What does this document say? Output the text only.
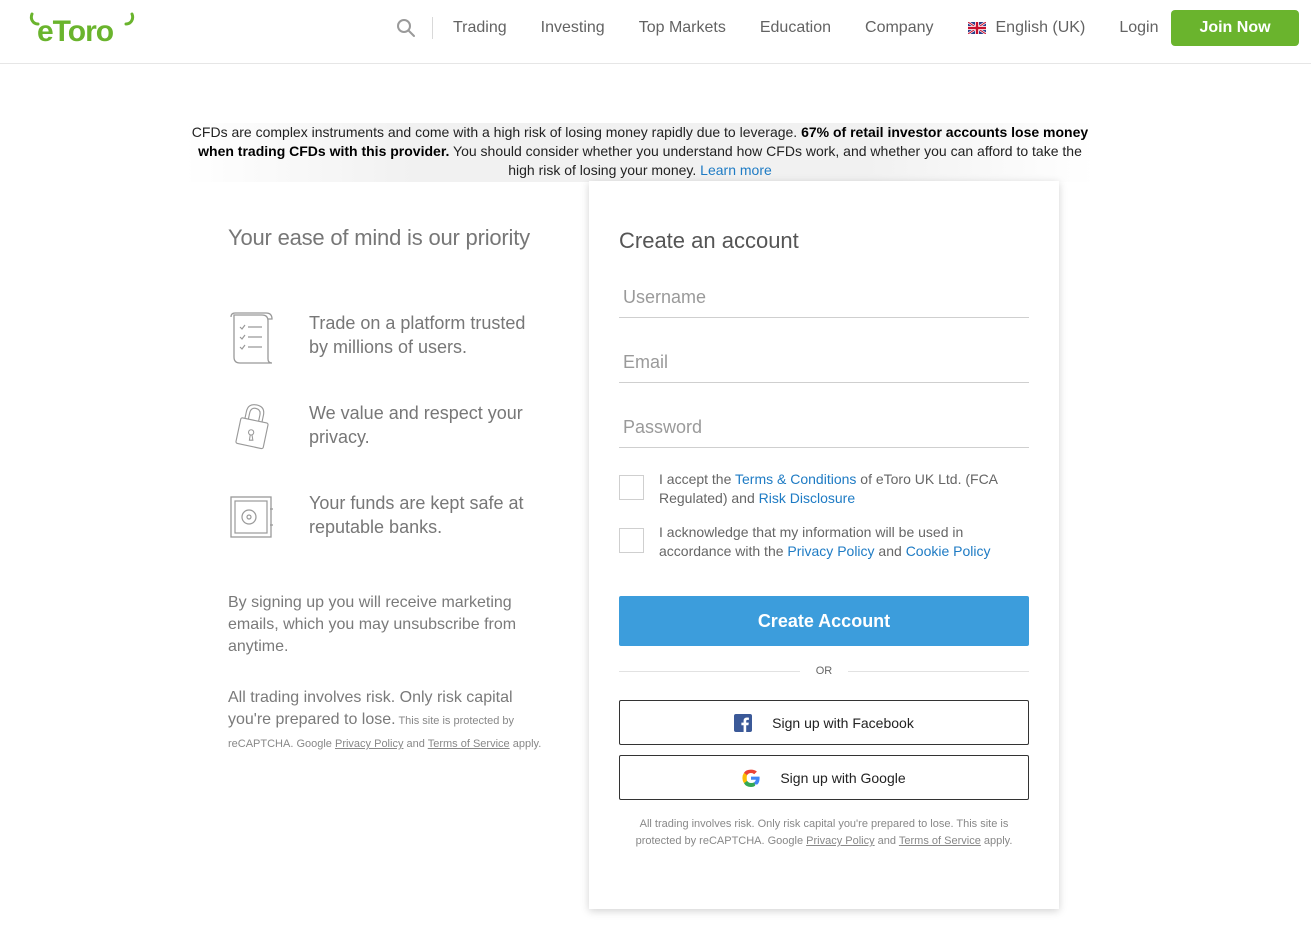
eToro	Trading Investing Top Markets Education Company	English (UK) Login	Join Now
CFDs are complex instruments and come with a high risk of losing money rapidly due to leverage. 67% of retail investor accounts lose money when trading CFDs with this provider. You should consider whether you understand how CFDs work, and whether you can afford to take the high risk of losing your money. Learn more
Your ease of mind is our priority
Trade on a platform trusted by millions of users.
We value and respect your privacy.
Your funds are kept safe at reputable banks.
By signing up you will receive marketing emails, which you may unsubscribe from anytime.
All trading involves risk. Only risk capital you're prepared to lose. This site is protected by reCAPTCHA. Google Privacy Policy and Terms of Service apply.
Create an account
Username
Email
I accept the Terms & Conditions of eToro UK Ltd. (FCA Regulated) and Risk Disclosure
I acknowledge that my information will be used in accordance with the Privacy Policy and Cookie Policy
Create Account
OR
Sign up with Facebook
Sign up with Google
All trading involves risk. Only risk capital you're prepared to lose. This site is protected by reCAPTCHA. Google Privacy Policy and Terms of Service apply.
